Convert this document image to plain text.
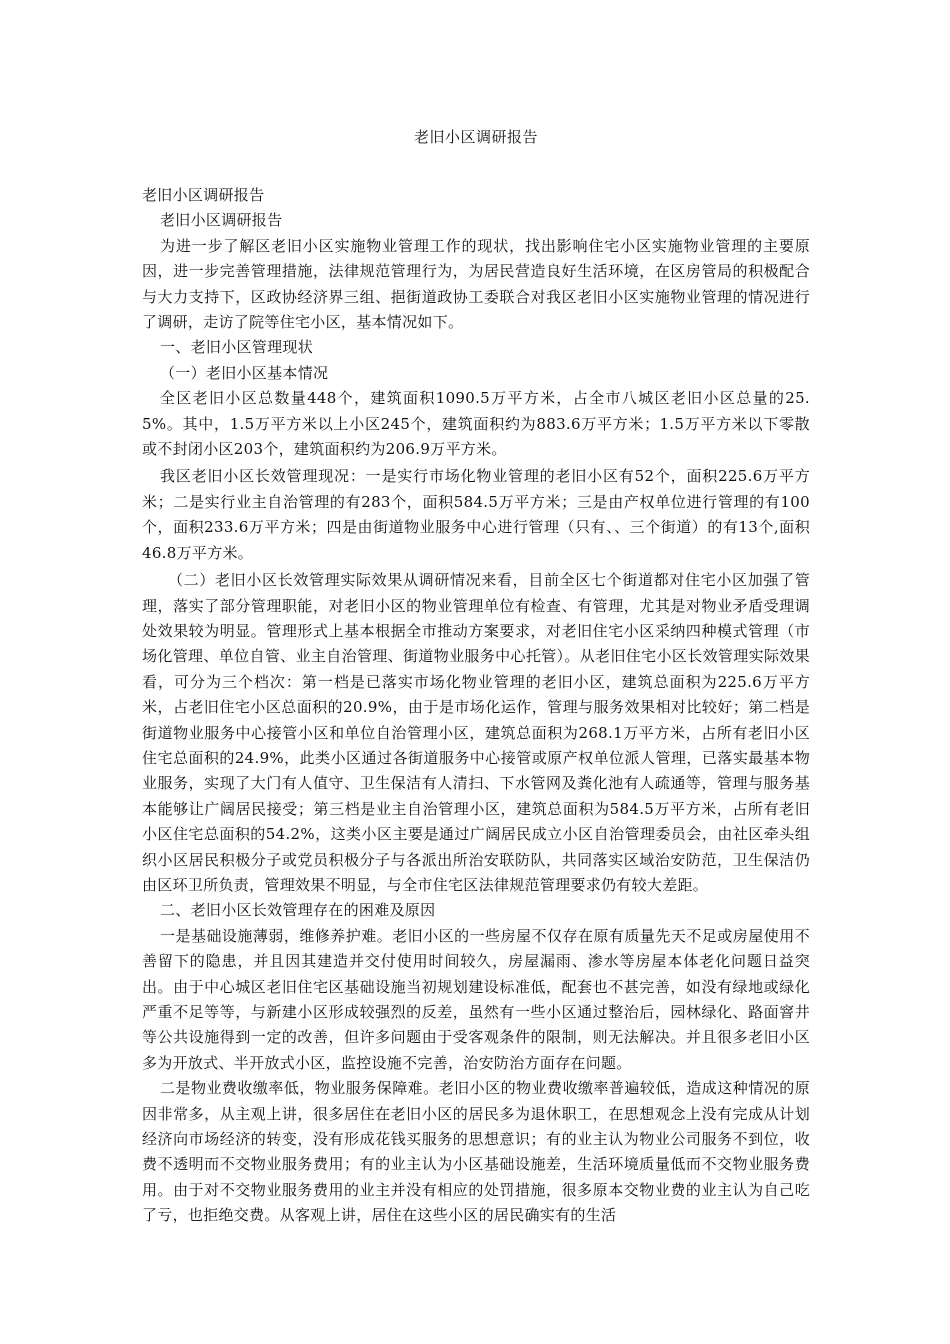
老旧小区调研报告

老旧小区调研报告

老旧小区调研报告

为进一步了解区老旧小区实施物业管理工作的现状，找出影响住宅小区实施物业管理的主要原因，进一步完善管理措施，法律规范管理行为，为居民营造良好生活环境，在区房管局的积极配合与大力支持下，区政协经济界三组、挹街道政协工委联合对我区老旧小区实施物业管理的情况进行了调研，走访了院等住宅小区，基本情况如下。

一、老旧小区管理现状

（一）老旧小区基本情况

全区老旧小区总数量448个，建筑面积1090.5万平方米，占全市八城区老旧小区总量的25.5%。其中，1.5万平方米以上小区245个，建筑面积约为883.6万平方米；1.5万平方米以下零散或不封闭小区203个，建筑面积约为206.9万平方米。

我区老旧小区长效管理现况：一是实行市场化物业管理的老旧小区有52个，面积225.6万平方米；二是实行业主自治管理的有283个，面积584.5万平方米；三是由产权单位进行管理的有100个，面积233.6万平方米；四是由街道物业服务中心进行管理（只有、、三个街道）的有13个,面积46.8万平方米。

（二）老旧小区长效管理实际效果从调研情况来看，目前全区七个街道都对住宅小区加强了管理，落实了部分管理职能，对老旧小区的物业管理单位有检查、有管理，尤其是对物业矛盾受理调处效果较为明显。管理形式上基本根据全市推动方案要求，对老旧住宅小区采纳四种模式管理（市场化管理、单位自管、业主自治管理、街道物业服务中心托管）。从老旧住宅小区长效管理实际效果看，可分为三个档次：第一档是已落实市场化物业管理的老旧小区，建筑总面积为225.6万平方米，占老旧住宅小区总面积的20.9%，由于是市场化运作，管理与服务效果相对比较好；第二档是街道物业服务中心接管小区和单位自治管理小区，建筑总面积为268.1万平方米，占所有老旧小区住宅总面积的24.9%，此类小区通过各街道服务中心接管或原产权单位派人管理，已落实最基本物业服务，实现了大门有人值守、卫生保洁有人清扫、下水管网及粪化池有人疏通等，管理与服务基本能够让广阔居民接受；第三档是业主自治管理小区，建筑总面积为584.5万平方米，占所有老旧小区住宅总面积的54.2%，这类小区主要是通过广阔居民成立小区自治管理委员会，由社区牵头组织小区居民积极分子或党员积极分子与各派出所治安联防队，共同落实区域治安防范，卫生保洁仍由区环卫所负责，管理效果不明显，与全市住宅区法律规范管理要求仍有较大差距。

二、老旧小区长效管理存在的困难及原因

一是基础设施薄弱，维修养护难。老旧小区的一些房屋不仅存在原有质量先天不足或房屋使用不善留下的隐患，并且因其建造并交付使用时间较久，房屋漏雨、渗水等房屋本体老化问题日益突出。由于中心城区老旧住宅区基础设施当初规划建设标准低，配套也不甚完善，如没有绿地或绿化严重不足等等，与新建小区形成较强烈的反差，虽然有一些小区通过整治后，园林绿化、路面窨井等公共设施得到一定的改善，但许多问题由于受客观条件的限制，则无法解决。并且很多老旧小区多为开放式、半开放式小区，监控设施不完善，治安防治方面存在问题。

二是物业费收缴率低，物业服务保障难。老旧小区的物业费收缴率普遍较低，造成这种情况的原因非常多，从主观上讲，很多居住在老旧小区的居民多为退休职工，在思想观念上没有完成从计划经济向市场经济的转变，没有形成花钱买服务的思想意识；有的业主认为物业公司服务不到位，收费不透明而不交物业服务费用；有的业主认为小区基础设施差，生活环境质量低而不交物业服务费用。由于对不交物业服务费用的业主并没有相应的处罚措施，很多原本交物业费的业主认为自己吃了亏，也拒绝交费。从客观上讲，居住在这些小区的居民确实有的生活
